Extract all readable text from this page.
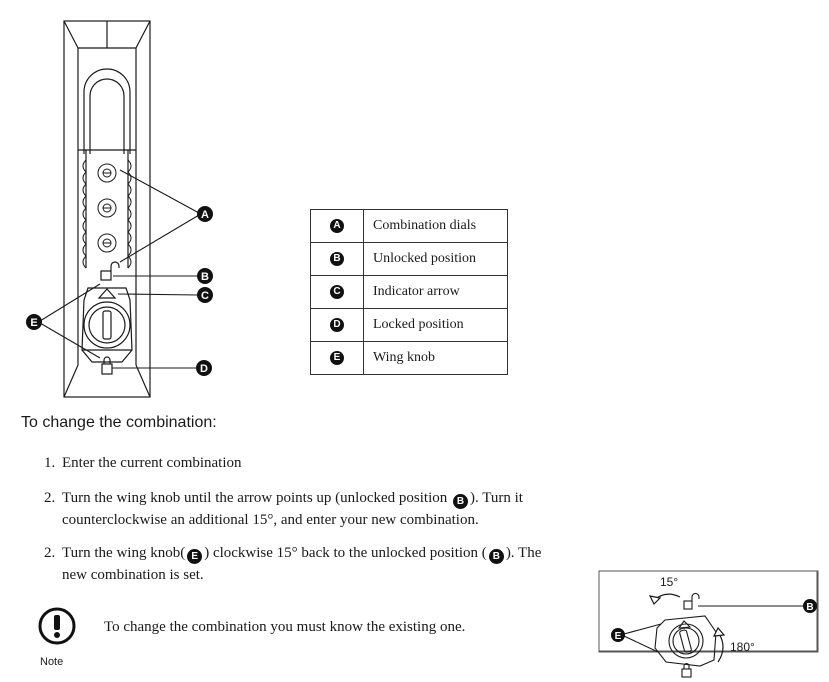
A
B
C
E
D
A	Combination dials
B	Unlocked position
C	Indicator arrow
D	Locked position
E	Wing knob
To change the combination:
1. Enter the current combination
2. Turn the wing knob until the arrow points up (unlocked position B ). Turn it counterclockwise an additional 15°, and enter your new combination.
2. Turn the wing knob( E ) clockwise 15° back to the unlocked position ( B ). The new combination is set.
Note
To change the combination you must know the existing one.
15°
B
180°
E
